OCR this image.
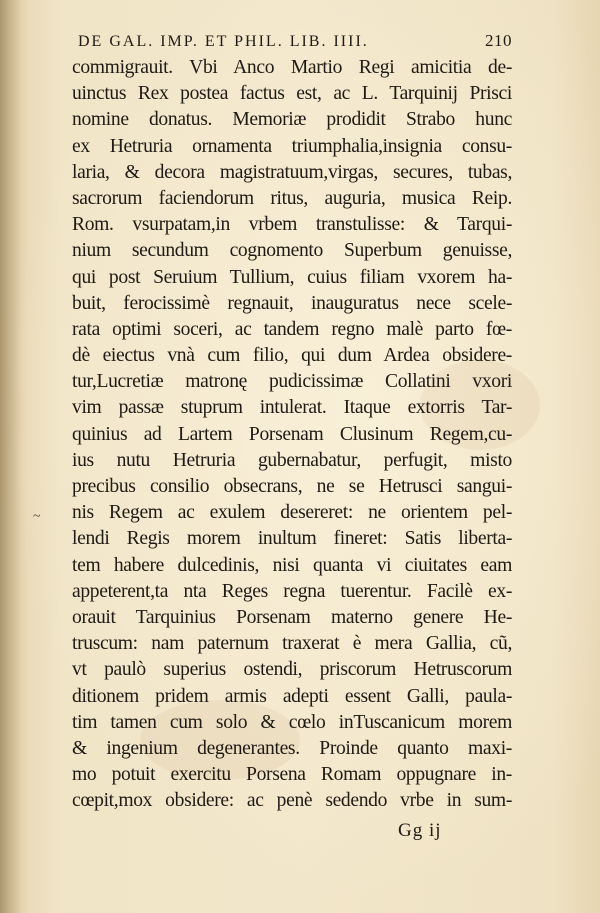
DE GAL. IMP. ET PHIL. LIB. IIII.	210
commigrauit. Vbi Anco Martio Regi amicitia de-
uinctus Rex postea factus est, ac L. Tarquinij Prisci
nomine donatus. Memoriæ prodidit Strabo hunc
ex Hetruria ornamenta triumphalia,insignia consu-
laria, & decora magistratuum,virgas, secures, tubas,
sacrorum faciendorum ritus, auguria, musica Reip.
Rom. vsurpatam,in vrbem transtulisse: & Tarqui-
nium secundum cognomento Superbum genuisse,
qui post Seruium Tullium, cuius filiam vxorem ha-
buit, ferocissimè regnauit, inauguratus nece scele-
rata optimi soceri, ac tandem regno malè parto fœ-
dè eiectus vnà cum filio, qui dum Ardea obsidere-
tur,Lucretiæ matronę pudicissimæ Collatini vxori
vim passæ stuprum intulerat. Itaque extorris Tar-
quinius ad Lartem Porsenam Clusinum Regem,cu-
ius nutu Hetruria gubernabatur, perfugit, misto
precibus consilio obsecrans, ne se Hetrusci sangui-
nis Regem ac exulem desereret: ne orientem pel-
lendi Regis morem inultum fineret: Satis liberta-
tem habere dulcedinis, nisi quanta vi ciuitates eam
appeterent,ta nta Reges regna tuerentur. Facilè ex-
orauit Tarquinius Porsenam materno genere He-
truscum: nam paternum traxerat è mera Gallia, cũ,
vt paulò superius ostendi, priscorum Hetruscorum
ditionem pridem armis adepti essent Galli, paula-
tim tamen cum solo & cœlo inTuscanicum morem
& ingenium degenerantes. Proinde quanto maxi-
mo potuit exercitu Porsena Romam oppugnare in-
cœpit,mox obsidere: ac penè sedendo vrbe in sum-
~
Gg ij
